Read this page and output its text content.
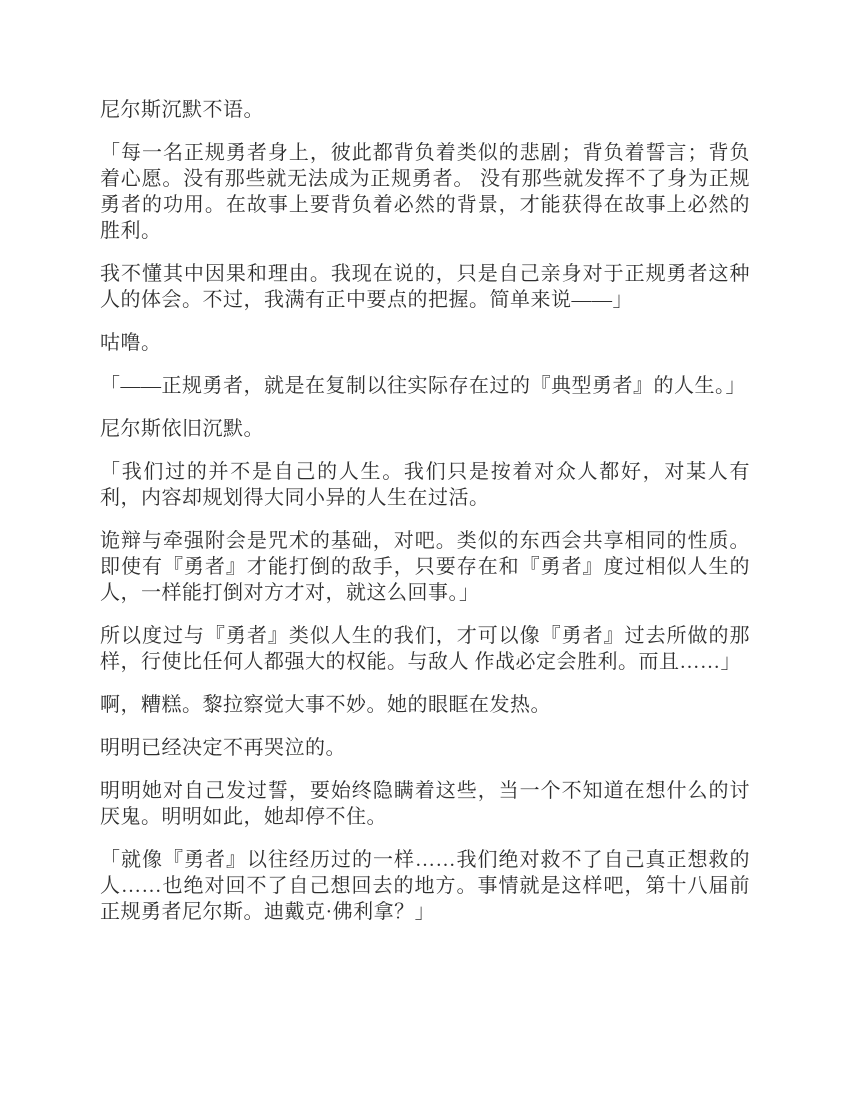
尼尔斯沉默不语。

「每一名正规勇者身上，彼此都背负着类似的悲剧；背负着誓言；背负着心愿。没有那些就无法成为正规勇者。 没有那些就发挥不了身为正规勇者的功用。在故事上要背负着必然的背景，才能获得在故事上必然的胜利。

我不懂其中因果和理由。我现在说的，只是自己亲身对于正规勇者这种人的体会。不过，我满有正中要点的把握。简单来说——」

咕噜。

「——正规勇者，就是在复制以往实际存在过的『典型勇者』的人生。」

尼尔斯依旧沉默。

「我们过的并不是自己的人生。我们只是按着对众人都好，对某人有利，内容却规划得大同小异的人生在过活。

诡辩与牵强附会是咒术的基础，对吧。类似的东西会共享相同的性质。即使有『勇者』才能打倒的敌手，只要存在和『勇者』度过相似人生的人，一样能打倒对方才对，就这么回事。」

所以度过与『勇者』类似人生的我们，才可以像『勇者』过去所做的那样，行使比任何人都强大的权能。与敌人 作战必定会胜利。而且……」

啊，糟糕。黎拉察觉大事不妙。她的眼眶在发热。

明明已经决定不再哭泣的。

明明她对自己发过誓，要始终隐瞒着这些，当一个不知道在想什么的讨厌鬼。明明如此，她却停不住。

「就像『勇者』以往经历过的一样……我们绝对救不了自己真正想救的人……也绝对回不了自己想回去的地方。事情就是这样吧，第十八届前正规勇者尼尔斯。迪戴克·佛利拿？」
